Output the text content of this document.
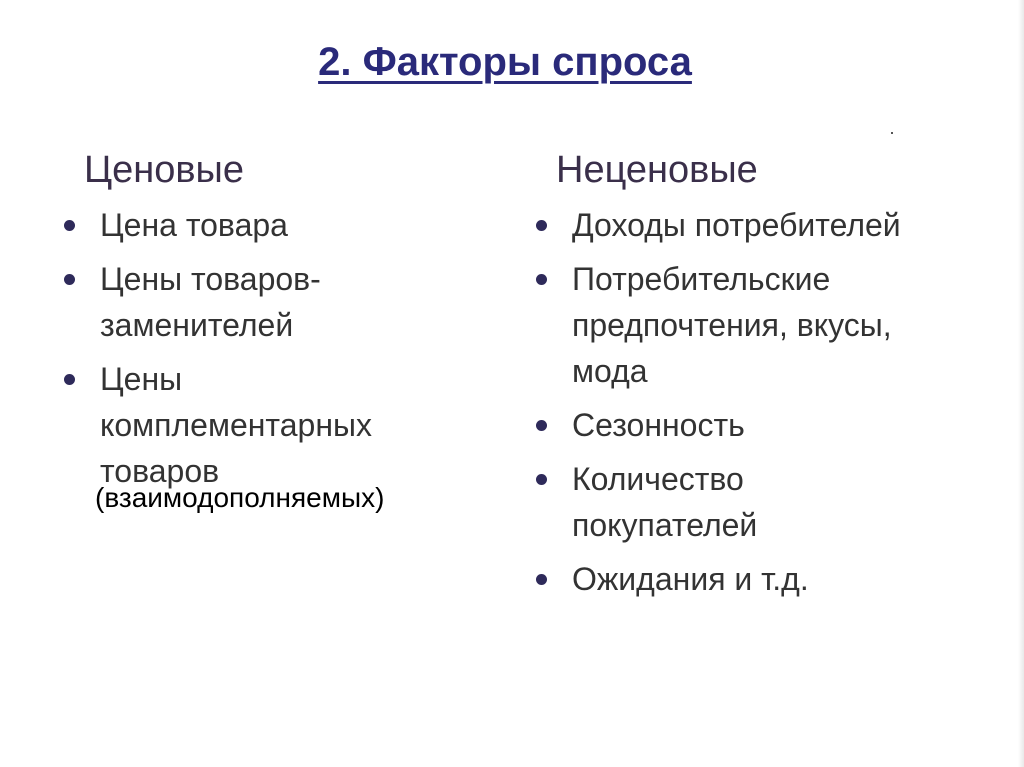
2. Факторы спроса
Ценовые
Цена товара
Цены товаров-
заменителей
Цены
комплементарных
товаров
(взаимодополняемых)
Неценовые
Доходы потребителей
Потребительские
предпочтения, вкусы,
мода
Сезонность
Количество
покупателей
Ожидания и т.д.
